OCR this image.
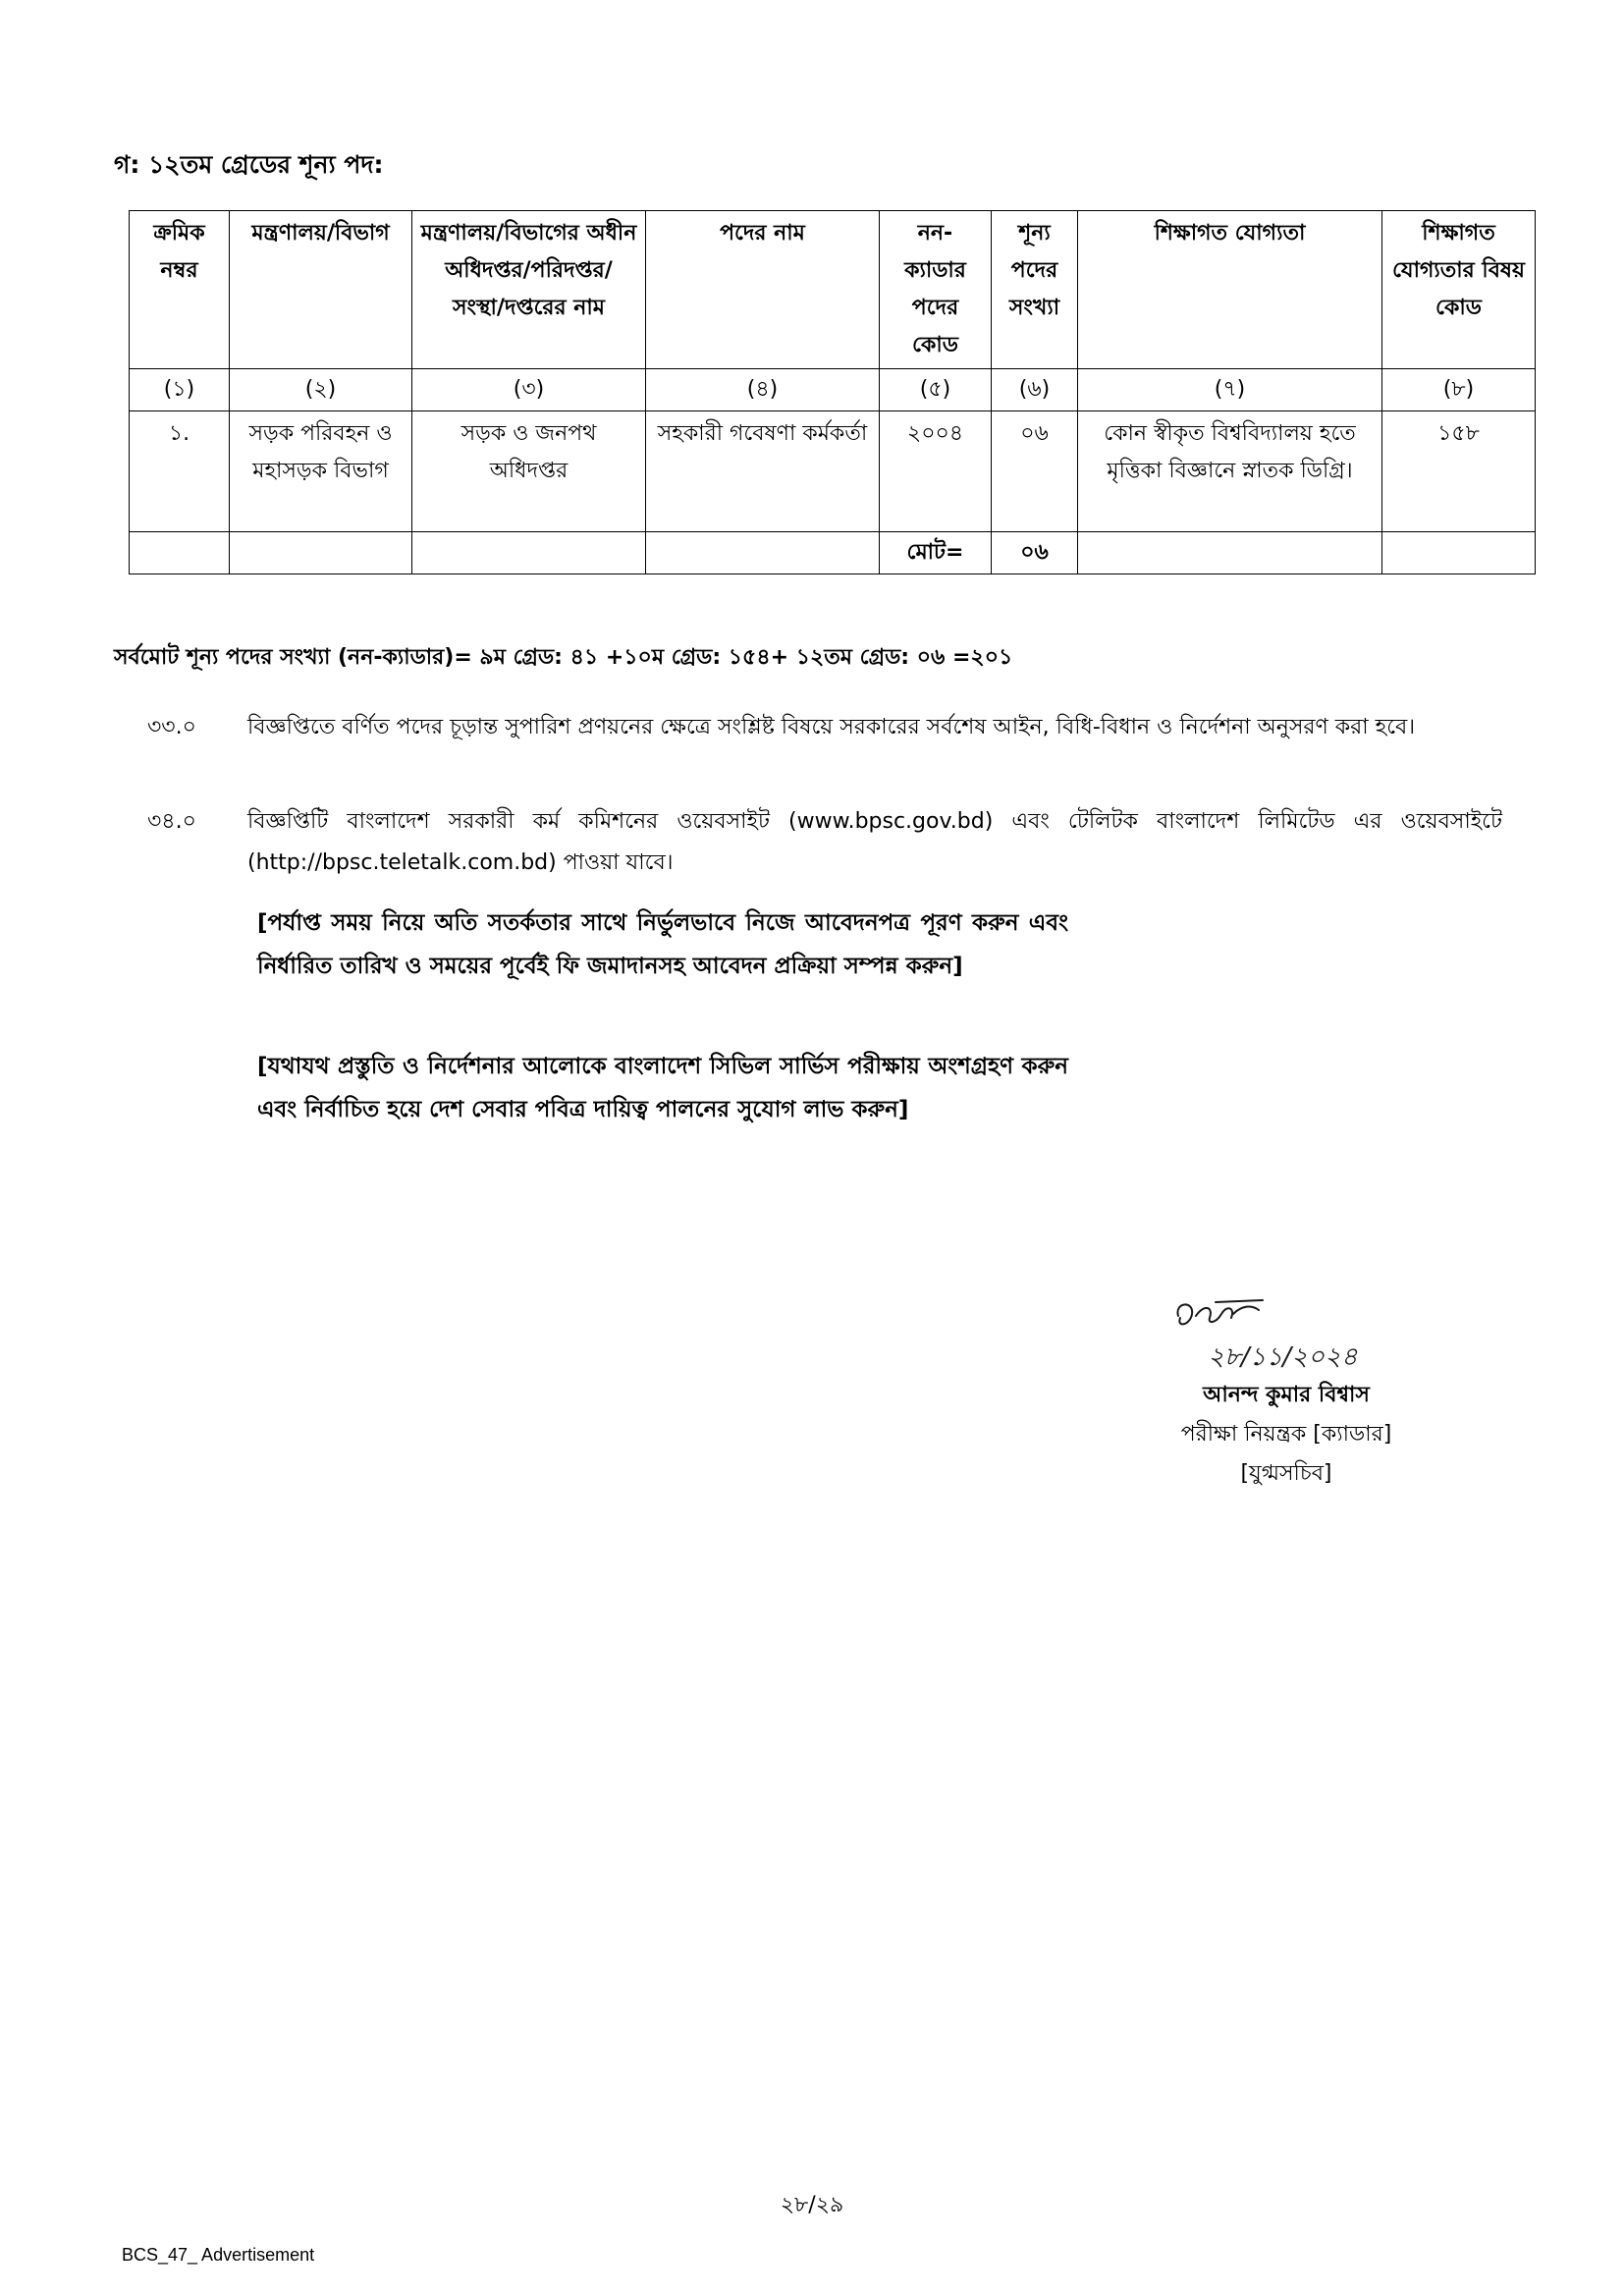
গ: ১২তম গ্রেডের শূন্য পদ:
ক্রমিক নম্বর	মন্ত্রণালয়/বিভাগ	মন্ত্রণালয়/বিভাগের অধীন অধিদপ্তর/পরিদপ্তর/ সংস্থা/দপ্তরের নাম	পদের নাম	নন-ক্যাডার পদের কোড	শূন্য পদের সংখ্যা	শিক্ষাগত যোগ্যতা	শিক্ষাগত যোগ্যতার বিষয় কোড
(১)	(২)	(৩)	(৪)	(৫)	(৬)	(৭)	(৮)
১.	সড়ক পরিবহন ও মহাসড়ক বিভাগ	সড়ক ও জনপথ অধিদপ্তর	সহকারী গবেষণা কর্মকর্তা	২০০৪	০৬	কোন স্বীকৃত বিশ্ববিদ্যালয় হতে মৃত্তিকা বিজ্ঞানে স্নাতক ডিগ্রি।	১৫৮
				মোট=	০৬		
সর্বমোট শূন্য পদের সংখ্যা (নন-ক্যাডার)= ৯ম গ্রেড: ৪১ +১০ম গ্রেড: ১৫৪+ ১২তম গ্রেড: ০৬ =২০১
৩৩.০ বিজ্ঞপ্তিতে বর্ণিত পদের চূড়ান্ত সুপারিশ প্রণয়নের ক্ষেত্রে সংশ্লিষ্ট বিষয়ে সরকারের সর্বশেষ আইন, বিধি-বিধান ও নির্দেশনা অনুসরণ করা হবে।
৩৪.০ বিজ্ঞপ্তিটি বাংলাদেশ সরকারী কর্ম কমিশনের ওয়েবসাইট (www.bpsc.gov.bd) এবং টেলিটক বাংলাদেশ লিমিটেড এর ওয়েবসাইটে (http://bpsc.teletalk.com.bd) পাওয়া যাবে।
[পর্যাপ্ত সময় নিয়ে অতি সতর্কতার সাথে নির্ভুলভাবে নিজে আবেদনপত্র পূরণ করুন এবং নির্ধারিত তারিখ ও সময়ের পূর্বেই ফি জমাদানসহ আবেদন প্রক্রিয়া সম্পন্ন করুন]
[যথাযথ প্রস্তুতি ও নির্দেশনার আলোকে বাংলাদেশ সিভিল সার্ভিস পরীক্ষায় অংশগ্রহণ করুন এবং নির্বাচিত হয়ে দেশ সেবার পবিত্র দায়িত্ব পালনের সুযোগ লাভ করুন]
২৮/১১/২০২৪
আনন্দ কুমার বিশ্বাস
পরীক্ষা নিয়ন্ত্রক [ক্যাডার]
[যুগ্মসচিব]
২৮/২৯
BCS_47_ Advertisement
